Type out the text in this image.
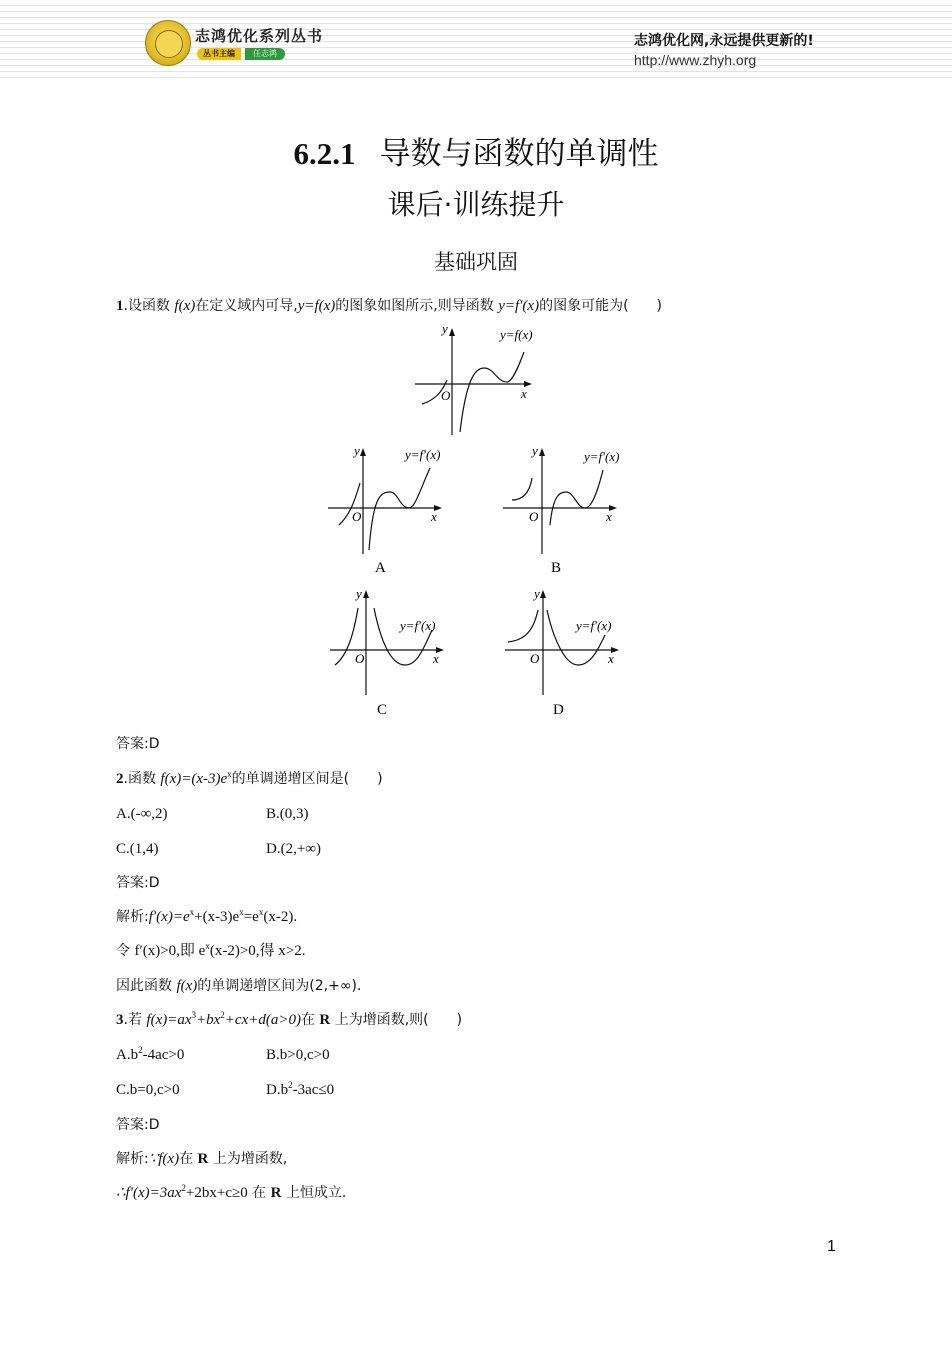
志鸿优化系列丛书
丛书主编	任志鸿
志鸿优化网,永远提供更新的!
http://www.zhyh.org
6.2.1 导数与函数的单调性
课后·训练提升
基础巩固
1.设函数 f(x)在定义域内可导,y=f(x)的图象如图所示,则导函数 y=f′(x)的图象可能为(　　)
y
x
O
y=f(x)
y
x
O
y=f′(x)	y
x
O
y=f′(x)
y
x
O
y=f′(x)
y
x
O
y=f′(x)
A	B
C	D
答案:D
2.函数 $f(x)=(x-3)e^x$的单调递增区间是(　　)
A.(-∞,2)	B.(0,3)
C.(1,4)	D.(2,+∞)
答案:D
解析$:f'(x)=e^x+(x-3)e^x=e^x(x-2)$.
令 f′(x)>0,即 $e^x(x-2)>0$,得 x>2.
因此函数 f(x)的单调递增区间为(2,+∞).
3.若 $f(x)=ax^3+bx^2+cx+d(a>0)$在 R 上为增函数,则(　　)
$A.b^2-4ac>0$	B.b>0,c>0
C.b=0,c>0	$D.b^2-3ac\le 0$
答案:D
解析:∵f(x)在 R 上为增函数,
$\therefore f'(x)=3ax^2+2bx+c\ge 0$ 在 R 上恒成立.
1
